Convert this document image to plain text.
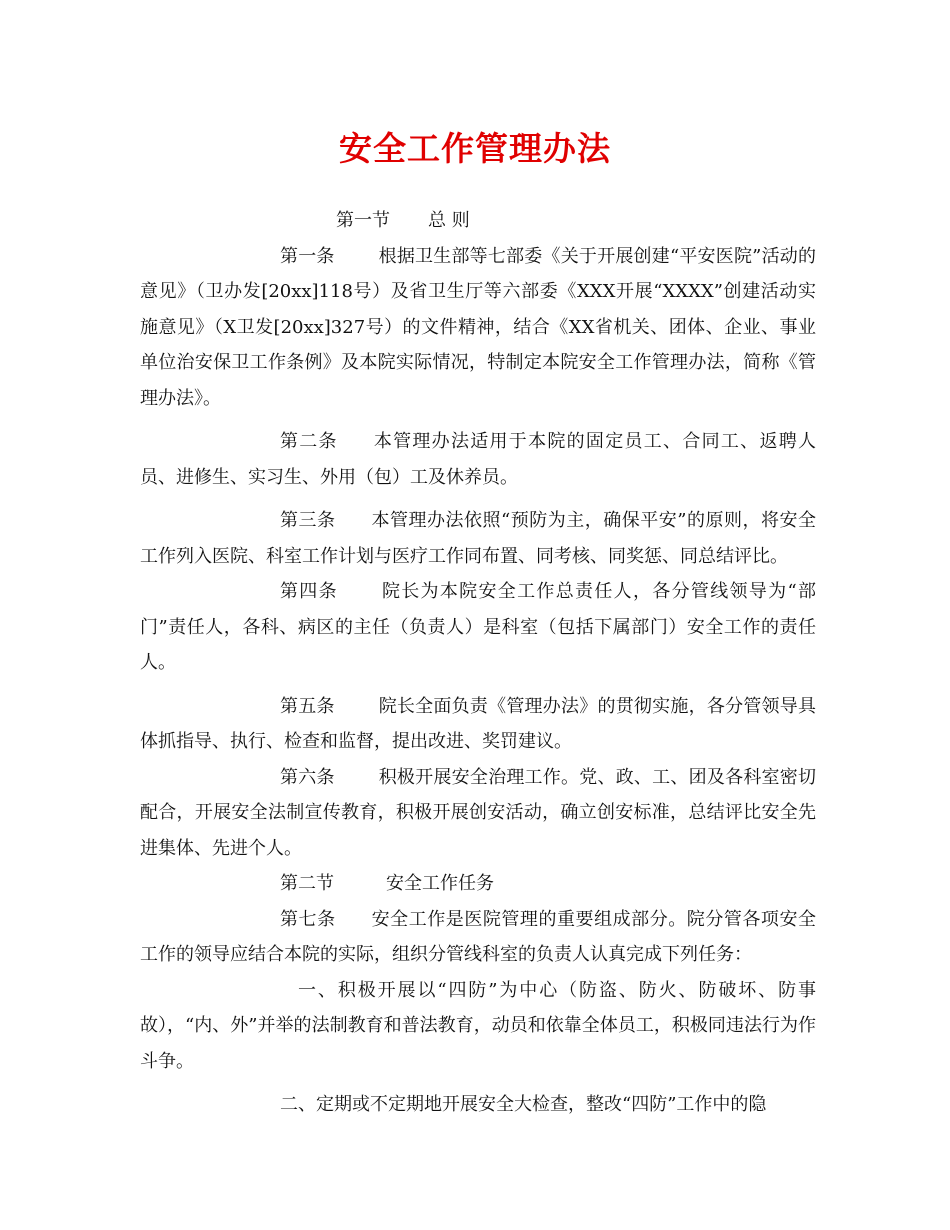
安全工作管理办法

第一节 总 则

第一条 根据卫生部等七部委《关于开展创建“平安医院”活动的意见》（卫办发[20xx]118号）及省卫生厅等六部委《XXX开展“XXXX”创建活动实施意见》（X卫发[20xx]327号）的文件精神，结合《XX省机关、团体、企业、事业单位治安保卫工作条例》及本院实际情况，特制定本院安全工作管理办法，简称《管理办法》。

第二条 本管理办法适用于本院的固定员工、合同工、返聘人员、进修生、实习生、外用（包）工及休养员。

第三条 本管理办法依照“预防为主，确保平安”的原则，将安全工作列入医院、科室工作计划与医疗工作同布置、同考核、同奖惩、同总结评比。

第四条 院长为本院安全工作总责任人，各分管线领导为“部门”责任人，各科、病区的主任（负责人）是科室（包括下属部门）安全工作的责任人。

第五条 院长全面负责《管理办法》的贯彻实施，各分管领导具体抓指导、执行、检查和监督，提出改进、奖罚建议。

第六条 积极开展安全治理工作。党、政、工、团及各科室密切配合，开展安全法制宣传教育，积极开展创安活动，确立创安标准，总结评比安全先进集体、先进个人。

第二节	安全工作任务

第七条 安全工作是医院管理的重要组成部分。院分管各项安全工作的领导应结合本院的实际，组织分管线科室的负责人认真完成下列任务：

一、积极开展以“四防”为中心（防盗、防火、防破坏、防事故），“内、外”并举的法制教育和普法教育，动员和依靠全体员工，积极同违法行为作斗争。

二、定期或不定期地开展安全大检查，整改“四防”工作中的隐
